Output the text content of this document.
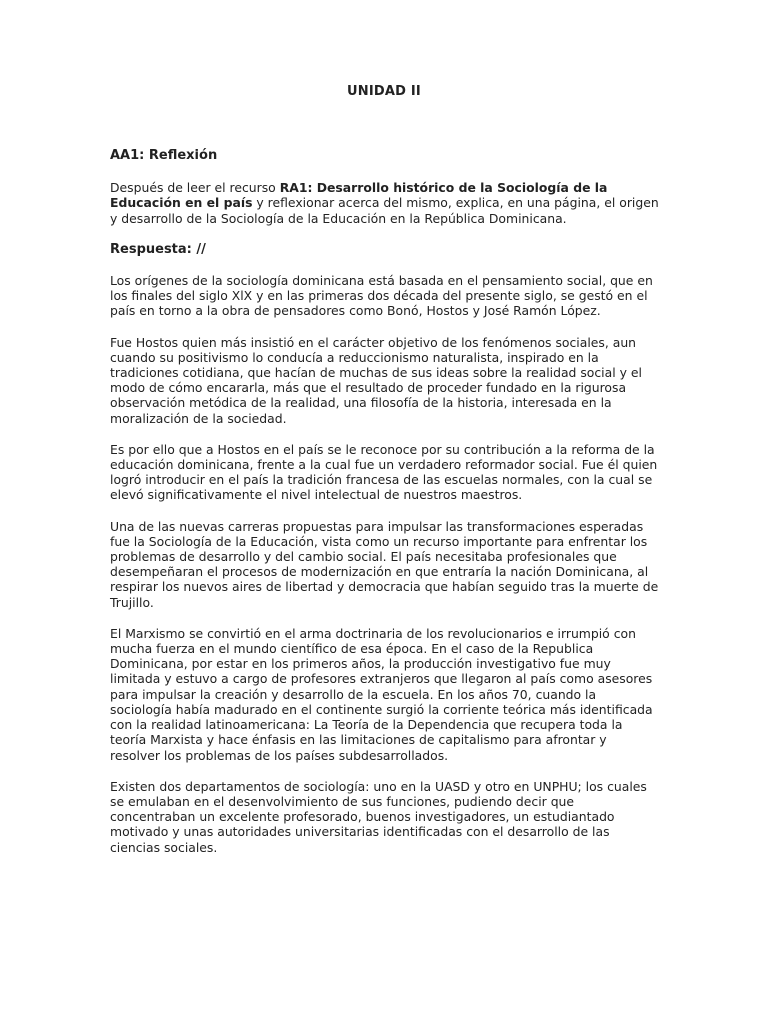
UNIDAD II
AA1: Reflexión

Después de leer el recurso RA1: Desarrollo histórico de la Sociología de la Educación en el país y reflexionar acerca del mismo, explica, en una página, el origen y desarrollo de la Sociología de la Educación en la República Dominicana.

Respuesta: //

Los orígenes de la sociología dominicana está basada en el pensamiento social, que en los finales del siglo XlX y en las primeras dos década del presente siglo, se gestó en el país en torno a la obra de pensadores como Bonó, Hostos y José Ramón López.

Fue Hostos quien más insistió en el carácter objetivo de los fenómenos sociales, aun cuando su positivismo lo conducía a reduccionismo naturalista, inspirado en la tradiciones cotidiana, que hacían de muchas de sus ideas sobre la realidad social y el modo de cómo encararla, más que el resultado de proceder fundado en la rigurosa observación metódica de la realidad, una filosofía de la historia, interesada en la moralización de la sociedad.

Es por ello que a Hostos en el país se le reconoce por su contribución a la reforma de la educación dominicana, frente a la cual fue un verdadero reformador social. Fue él quien logró introducir en el país la tradición francesa de las escuelas normales, con la cual se elevó significativamente el nivel intelectual de nuestros maestros.

Una de las nuevas carreras propuestas para impulsar las transformaciones esperadas fue la Sociología de la Educación, vista como un recurso importante para enfrentar los problemas de desarrollo y del cambio social. El país necesitaba profesionales que desempeñaran el procesos de modernización en que entraría la nación Dominicana, al respirar los nuevos aires de libertad y democracia que habían seguido tras la muerte de Trujillo.

El Marxismo se convirtió en el arma doctrinaria de los revolucionarios e irrumpió con mucha fuerza en el mundo científico de esa época. En el caso de la Republica Dominicana, por estar en los primeros años, la producción investigativo fue muy limitada y estuvo a cargo de profesores extranjeros que llegaron al país como asesores para impulsar la creación y desarrollo de la escuela. En los años 70, cuando la sociología había madurado en el continente surgió la corriente teórica más identificada con la realidad latinoamericana: La Teoría de la Dependencia que recupera toda la teoría Marxista y hace énfasis en las limitaciones de capitalismo para afrontar y resolver los problemas de los países subdesarrollados.

Existen dos departamentos de sociología: uno en la UASD y otro en UNPHU; los cuales se emulaban en el desenvolvimiento de sus funciones, pudiendo decir que concentraban un excelente profesorado, buenos investigadores, un estudiantado motivado y unas autoridades universitarias identificadas con el desarrollo de las ciencias sociales.
